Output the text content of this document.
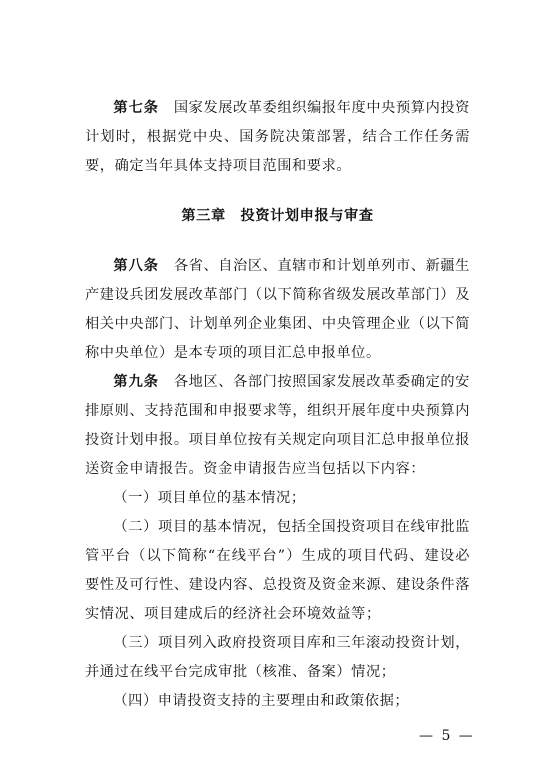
第七条　 国家发展改革委组织编报年度中央预算内投资计划时，根据党中央、国务院决策部署，结合工作任务需要，确定当年具体支持项目范围和要求。

第三章　投资计划申报与审查

第八条　 各省、自治区、直辖市和计划单列市、新疆生产建设兵团发展改革部门（以下简称省级发展改革部门）及相关中央部门、计划单列企业集团、中央管理企业（以下简称中央单位）是本专项的项目汇总申报单位。

第九条　 各地区、各部门按照国家发展改革委确定的安排原则、支持范围和申报要求等，组织开展年度中央预算内投资计划申报。项目单位按有关规定向项目汇总申报单位报送资金申请报告。资金申请报告应当包括以下内容：

（一）项目单位的基本情况；

（二）项目的基本情况，包括全国投资项目在线审批监管平台（以下简称“在线平台”）生成的项目代码、建设必要性及可行性、建设内容、总投资及资金来源、建设条件落实情况、项目建成后的经济社会环境效益等；

（三）项目列入政府投资项目库和三年滚动投资计划，并通过在线平台完成审批（核准、备案）情况；

（四）申请投资支持的主要理由和政策依据；

— 5 —
